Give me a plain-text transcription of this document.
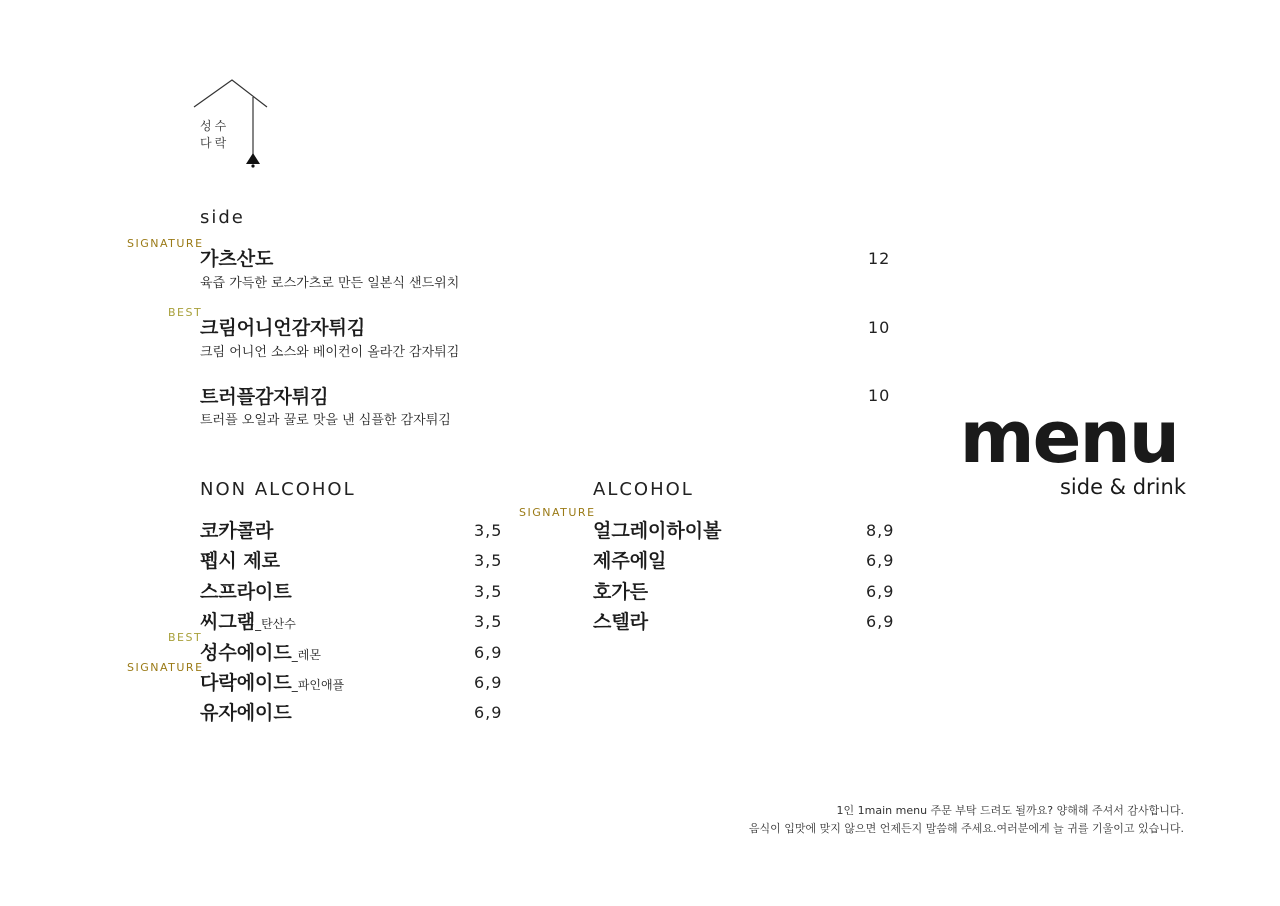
성수
다락
side
SIGNATURE
가츠산도
육즙 가득한 로스가츠로 만든 일본식 샌드위치
12
BEST
크림어니언감자튀김
크림 어니언 소스와 베이컨이 올라간 감자튀김
10
트러플감자튀김
트러플 오일과 꿀로 맛을 낸 심플한 감자튀김
10
NON ALCOHOL
코카콜라	3,5
펩시 제로	3,5
스프라이트	3,5
씨그램_탄산수	3,5
BEST
성수에이드_레몬	6,9
SIGNATURE
다락에이드_파인애플	6,9
유자에이드	6,9
ALCOHOL
SIGNATURE
얼그레이하이볼	8,9
제주에일	6,9
호가든	6,9
스텔라	6,9
menu
side & drink
1인 1main menu 주문 부탁 드려도 될까요? 양해해 주셔서 감사합니다.
음식이 입맛에 맞지 않으면 언제든지 말씀해 주세요.여러분에게 늘 귀를 기울이고 있습니다.
